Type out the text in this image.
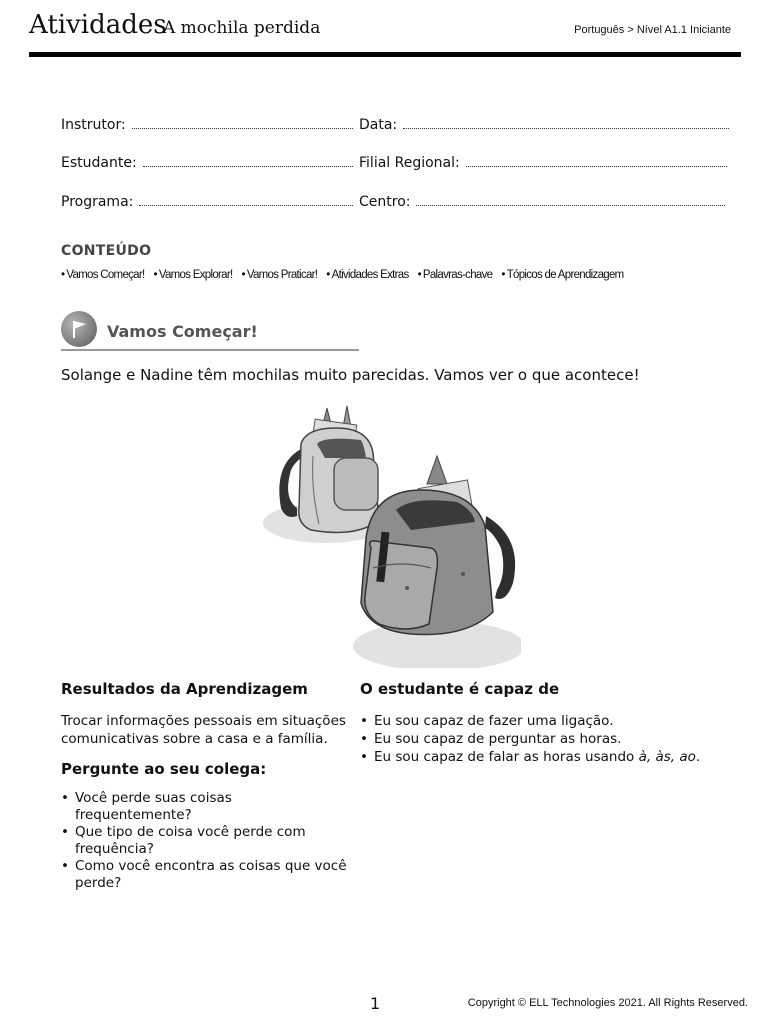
Atividades
A mochila perdida	Português > Nível A1.1 Iniciante
Instrutor:	Data:
Estudante:	Filial Regional:
Programa:	Centro:
CONTEÚDO
• Vamos Começar!	• Vamos Explorar!	• Vamos Praticar!	• Atividades Extras	• Palavras-chave	• Tópicos de Aprendizagem
Vamos Começar!
Solange e Nadine têm mochilas muito parecidas. Vamos ver o que acontece!
Resultados da Aprendizagem

Trocar informações pessoais em situações comunicativas sobre a casa e a família.

Pergunte ao seu colega:
• Você perde suas coisas frequentemente?
• Que tipo de coisa você perde com frequência?
• Como você encontra as coisas que você perde?
O estudante é capaz de
• Eu sou capaz de fazer uma ligação.
• Eu sou capaz de perguntar as horas.
• Eu sou capaz de falar as horas usando à, às, ao.
1	Copyright © ELL Technologies 2021. All Rights Reserved.
